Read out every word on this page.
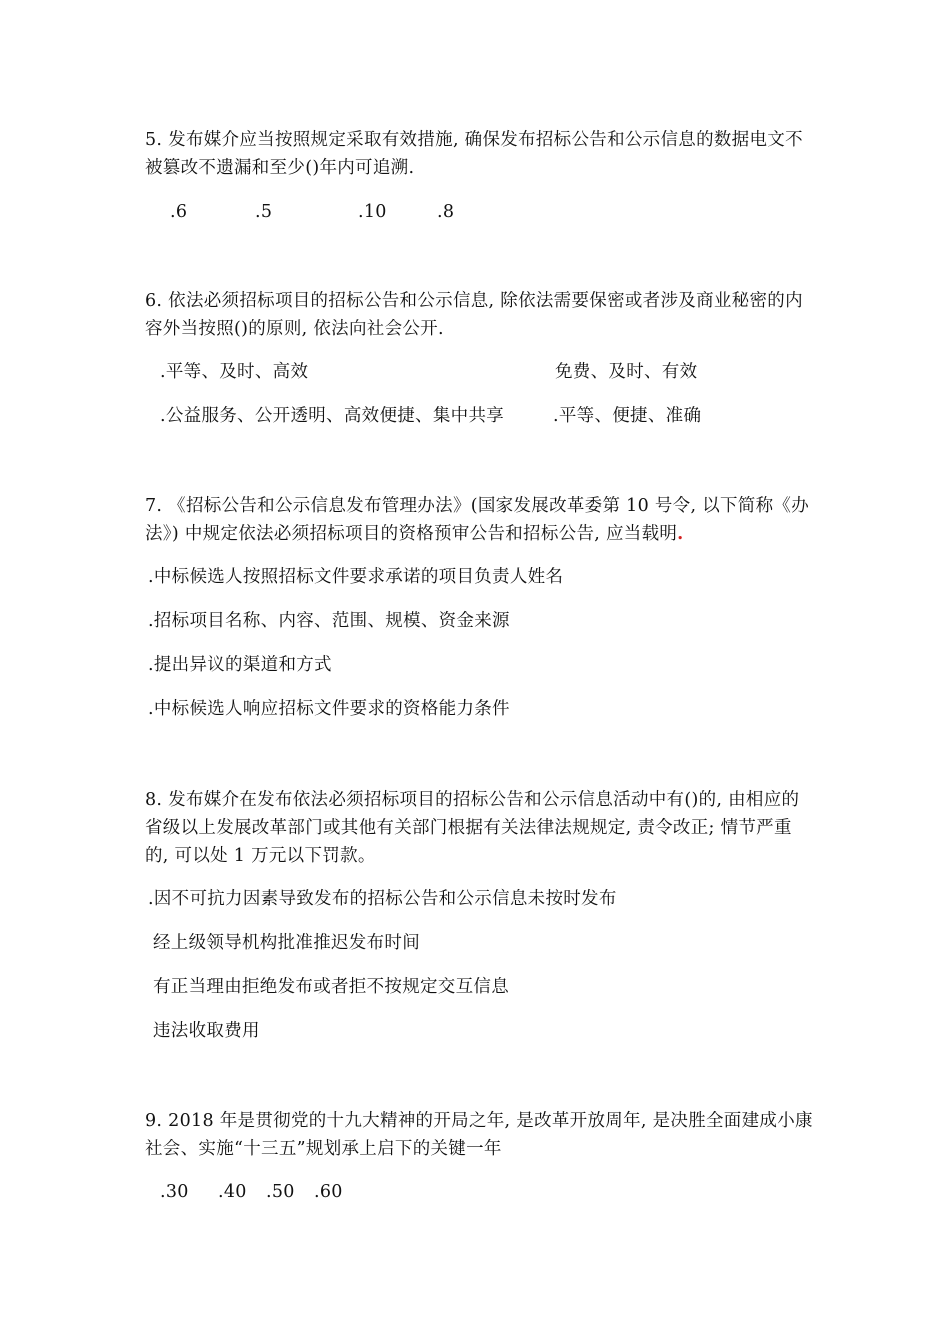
5. 发布媒介应当按照规定采取有效措施, 确保发布招标公告和公示信息的数据电文不被篡改不遗漏和至少()年内可追溯.
.6	.5	.10	.8
6. 依法必须招标项目的招标公告和公示信息, 除依法需要保密或者涉及商业秘密的内容外当按照()的原则, 依法向社会公开.
.平等、及时、高效	免费、及时、有效
.公益服务、公开透明、高效便捷、集中共享	.平等、便捷、准确
7. 《招标公告和公示信息发布管理办法》(国家发展改革委第 10 号令, 以下简称《办法》) 中规定依法必须招标项目的资格预审公告和招标公告, 应当载明.
.中标候选人按照招标文件要求承诺的项目负责人姓名
.招标项目名称、内容、范围、规模、资金来源
.提出异议的渠道和方式
.中标候选人响应招标文件要求的资格能力条件
8. 发布媒介在发布依法必须招标项目的招标公告和公示信息活动中有()的, 由相应的省级以上发展改革部门或其他有关部门根据有关法律法规规定, 责令改正; 情节严重的, 可以处 1 万元以下罚款。
.因不可抗力因素导致发布的招标公告和公示信息未按时发布
经上级领导机构批准推迟发布时间
有正当理由拒绝发布或者拒不按规定交互信息
违法收取费用
9. 2018 年是贯彻党的十九大精神的开局之年, 是改革开放周年, 是决胜全面建成小康社会、实施“十三五”规划承上启下的关键一年
.30 .40 .50 .60
